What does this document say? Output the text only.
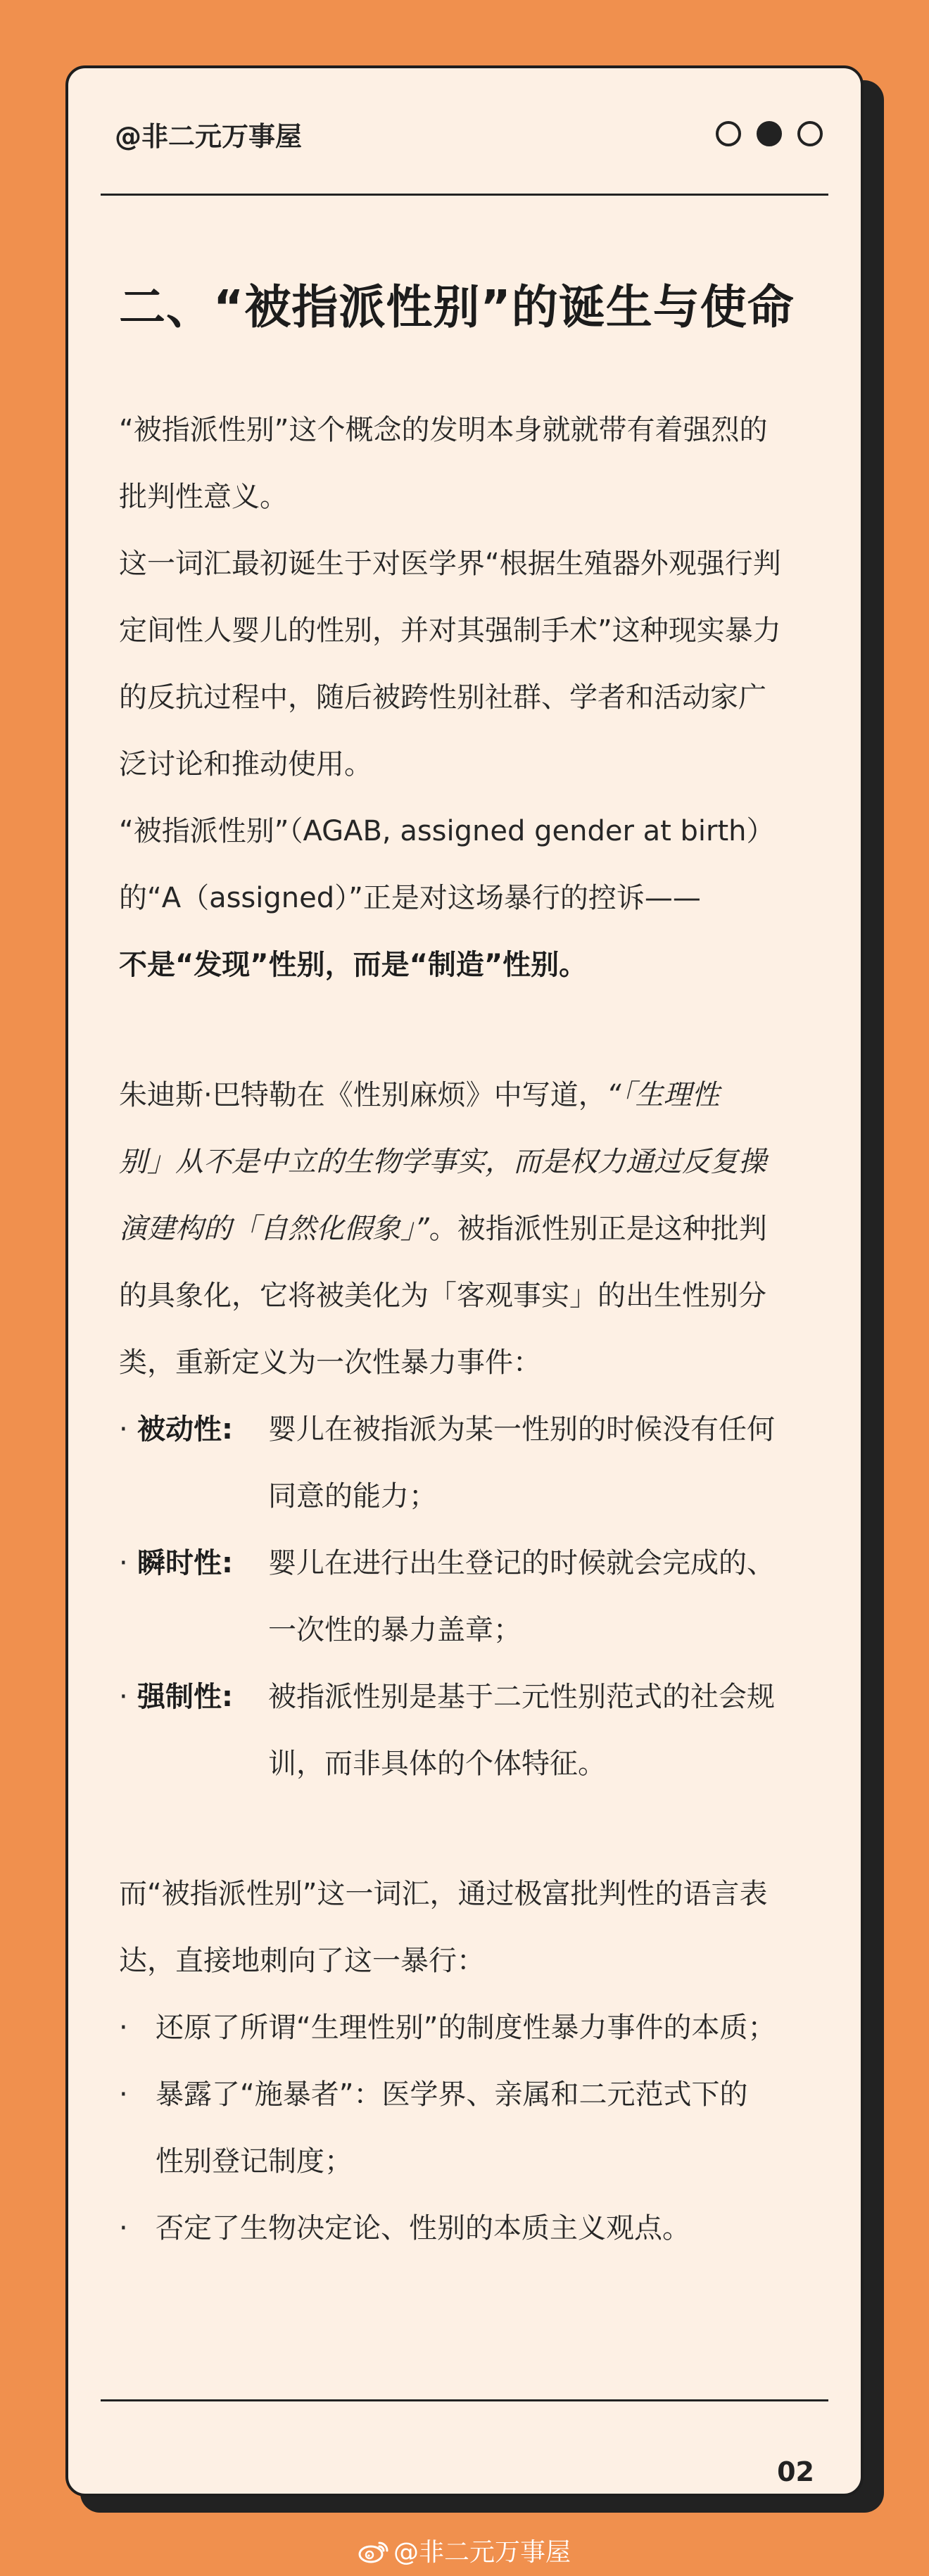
@非二元万事屋
二、“被指派性别”的诞生与使命

“被指派性别”这个概念的发明本身就就带有着强烈的
批判性意义。

这一词汇最初诞生于对医学界“根据生殖器外观强行判
定间性人婴儿的性别，并对其强制手术”这种现实暴力
的反抗过程中，随后被跨性别社群、学者和活动家广
泛讨论和推动使用。

“被指派性别”（AGAB, assigned gender at birth）
的“A（assigned）”正是对这场暴行的控诉——
不是“发现”性别，而是“制造”性别。

朱迪斯·巴特勒在《性别麻烦》中写道，“「生理性
别」从不是中立的生物学事实，而是权力通过反复操
演建构的「自然化假象」”。被指派性别正是这种批判
的具象化，它将被美化为「客观事实」的出生性别分
类，重新定义为一次性暴力事件：

· 被动性:	婴儿在被指派为某一性别的时候没有任何
同意的能力；
· 瞬时性:	婴儿在进行出生登记的时候就会完成的、
一次性的暴力盖章；
· 强制性:	被指派性别是基于二元性别范式的社会规
训，而非具体的个体特征。

而“被指派性别”这一词汇，通过极富批判性的语言表
达，直接地刺向了这一暴行：

· 还原了所谓“生理性别”的制度性暴力事件的本质；
· 暴露了“施暴者”：医学界、亲属和二元范式下的
性别登记制度；
· 否定了生物决定论、性别的本质主义观点。
02
@非二元万事屋
